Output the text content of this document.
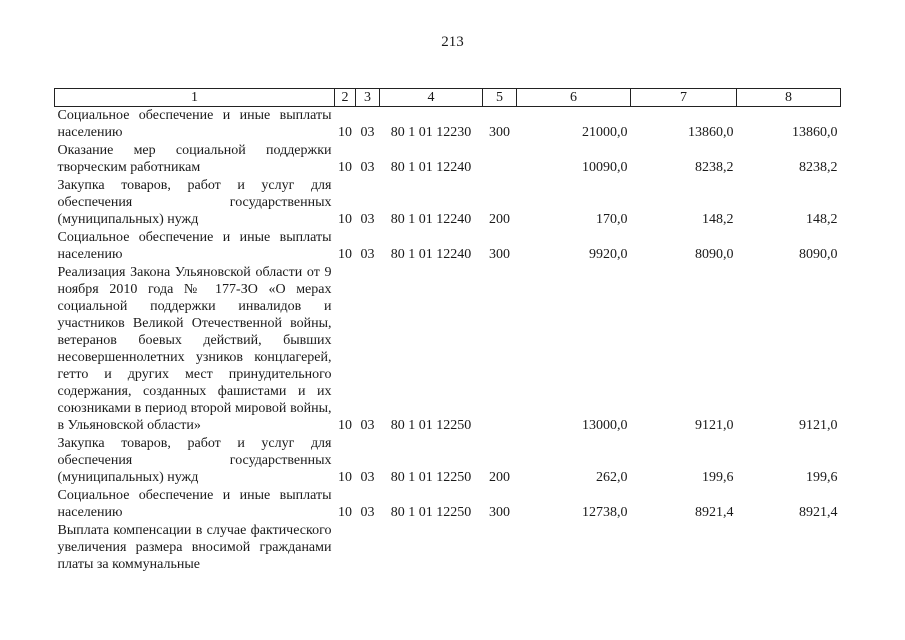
213
1	2	3	4	5	6	7	8
Социальное обеспечение и иные выплаты населению	10	03	80 1 01 12230	300	21000,0	13860,0	13860,0
Оказание мер социальной поддержки творческим работникам	10	03	80 1 01 12240		10090,0	8238,2	8238,2
Закупка товаров, работ и услуг для обеспечения государственных (муниципальных) нужд	10	03	80 1 01 12240	200	170,0	148,2	148,2
Социальное обеспечение и иные выплаты населению	10	03	80 1 01 12240	300	9920,0	8090,0	8090,0
Реализация Закона Ульяновской области от 9 ноября 2010 года № 177-ЗО «О мерах социальной поддержки инвалидов и участников Великой Отечественной войны, ветеранов боевых действий, бывших несовершеннолетних узников концлагерей, гетто и других мест принудительного содержания, созданных фашистами и их союзниками в период второй мировой войны, в Ульяновской области»	10	03	80 1 01 12250		13000,0	9121,0	9121,0
Закупка товаров, работ и услуг для обеспечения государственных (муниципальных) нужд	10	03	80 1 01 12250	200	262,0	199,6	199,6
Социальное обеспечение и иные выплаты населению	10	03	80 1 01 12250	300	12738,0	8921,4	8921,4
Выплата компенсации в случае фактического увеличения размера вносимой гражданами платы за коммунальные							
